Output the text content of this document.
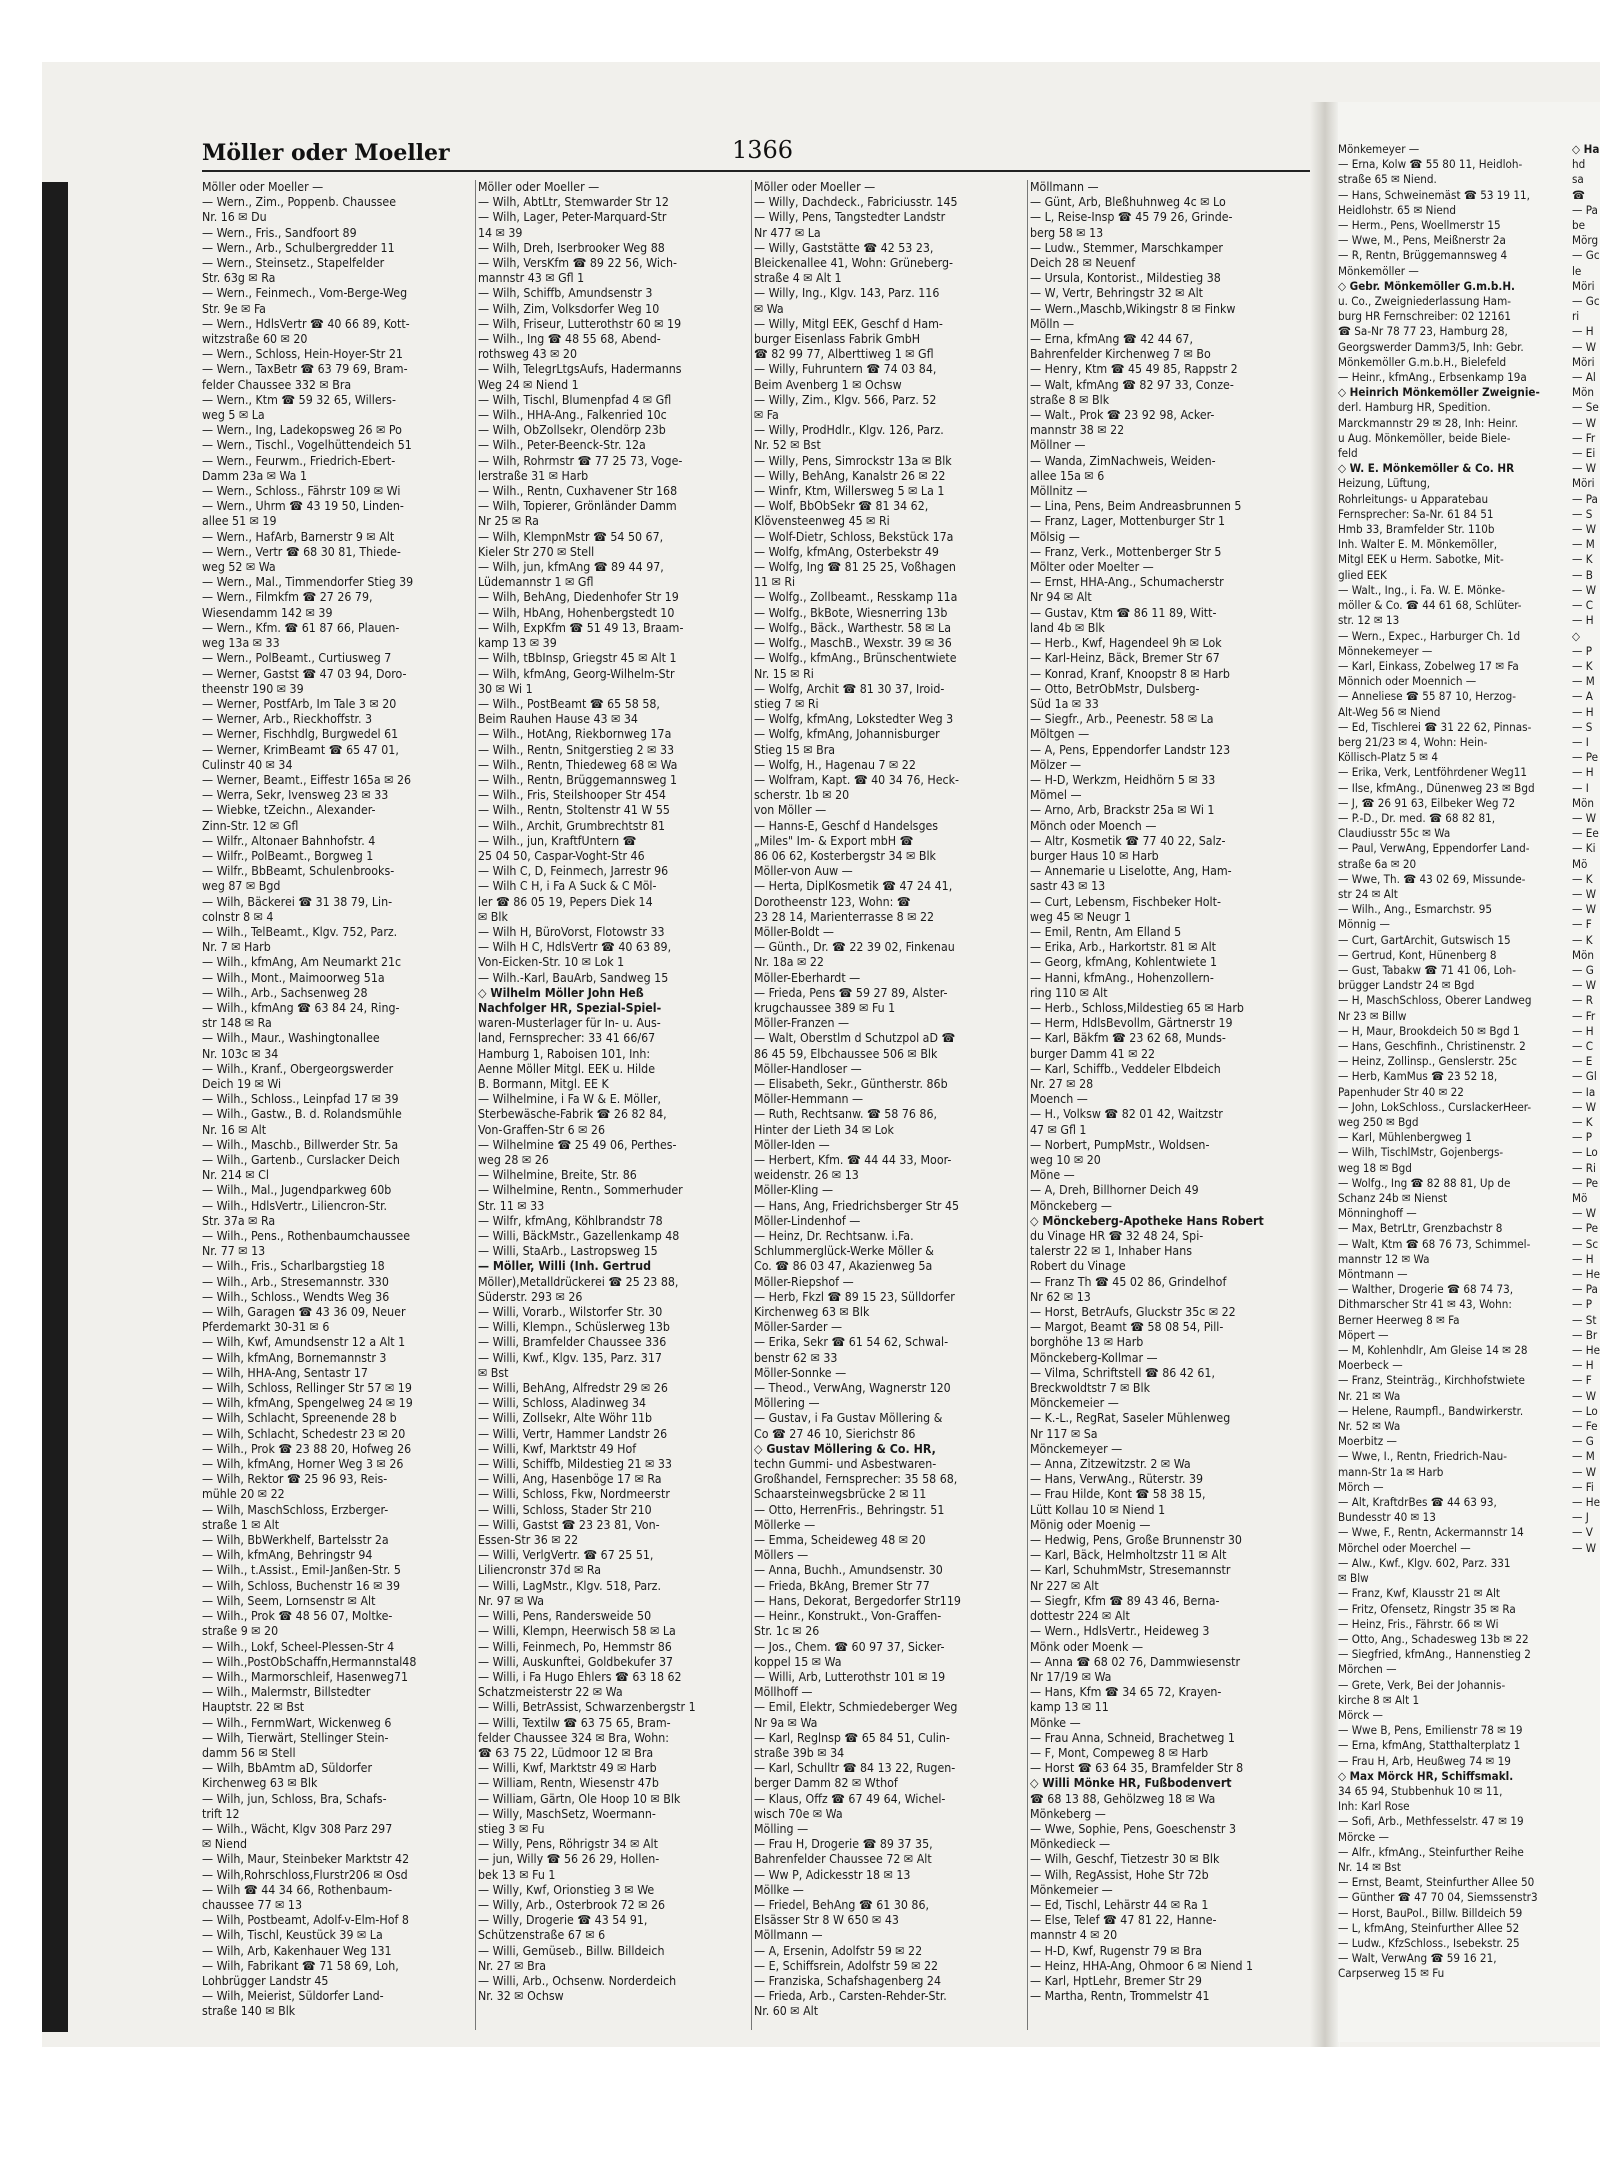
Möller oder Moeller	1366

Möller oder Moeller —

— Wern., Zim., Poppenb. Chaussee

Nr. 16 ✉ Du

— Wern., Fris., Sandfoort 89

— Wern., Arb., Schulbergredder 11

— Wern., Steinsetz., Stapelfelder

Str. 63g ✉ Ra

— Wern., Feinmech., Vom-Berge-Weg

Str. 9e ✉ Fa

— Wern., HdlsVertr ☎ 40 66 89, Kott-

witzstraße 60 ✉ 20

— Wern., Schloss, Hein-Hoyer-Str 21

— Wern., TaxBetr ☎ 63 79 69, Bram-

felder Chaussee 332 ✉ Bra

— Wern., Ktm ☎ 59 32 65, Willers-

weg 5 ✉ La

— Wern., Ing, Ladekopsweg 26 ✉ Po

— Wern., Tischl., Vogelhüttendeich 51

— Wern., Feurwm., Friedrich-Ebert-

Damm 23a ✉ Wa 1

— Wern., Schloss., Fährstr 109 ✉ Wi

— Wern., Uhrm ☎ 43 19 50, Linden-

allee 51 ✉ 19

— Wern., HafArb, Barnerstr 9 ✉ Alt

— Wern., Vertr ☎ 68 30 81, Thiede-

weg 52 ✉ Wa

— Wern., Mal., Timmendorfer Stieg 39

— Wern., Filmkfm ☎ 27 26 79,

Wiesendamm 142 ✉ 39

— Wern., Kfm. ☎ 61 87 66, Plauen-

weg 13a ✉ 33

— Wern., PolBeamt., Curtiusweg 7

— Werner, Gastst ☎ 47 03 94, Doro-

theenstr 190 ✉ 39

— Werner, PostfArb, Im Tale 3 ✉ 20

— Werner, Arb., Rieckhoffstr. 3

— Werner, Fischhdlg, Burgwedel 61

— Werner, KrimBeamt ☎ 65 47 01,

Culinstr 40 ✉ 34

— Werner, Beamt., Eiffestr 165a ✉ 26

— Werra, Sekr, Ivensweg 23 ✉ 33

— Wiebke, tZeichn., Alexander-

Zinn-Str. 12 ✉ Gfl

— Wilfr., Altonaer Bahnhofstr. 4

— Wilfr., PolBeamt., Borgweg 1

— Wilfr., BbBeamt, Schulenbrooks-

weg 87 ✉ Bgd

— Wilh, Bäckerei ☎ 31 38 79, Lin-

colnstr 8 ✉ 4

— Wilh., TelBeamt., Klgv. 752, Parz.

Nr. 7 ✉ Harb

— Wilh., kfmAng, Am Neumarkt 21c

— Wilh., Mont., Maimoorweg 51a

— Wilh., Arb., Sachsenweg 28

— Wilh., kfmAng ☎ 63 84 24, Ring-

str 148 ✉ Ra

— Wilh., Maur., Washingtonallee

Nr. 103c ✉ 34

— Wilh., Kranf., Obergeorgswerder

Deich 19 ✉ Wi

— Wilh., Schloss., Leinpfad 17 ✉ 39

— Wilh., Gastw., B. d. Rolandsmühle

Nr. 16 ✉ Alt

— Wilh., Maschb., Billwerder Str. 5a

— Wilh., Gartenb., Curslacker Deich

Nr. 214 ✉ Cl

— Wilh., Mal., Jugendparkweg 60b

— Wilh., HdlsVertr., Liliencron-Str.

Str. 37a ✉ Ra

— Wilh., Pens., Rothenbaumchaussee

Nr. 77 ✉ 13

— Wilh., Fris., Scharlbargstieg 18

— Wilh., Arb., Stresemannstr. 330

— Wilh., Schloss., Wendts Weg 36

— Wilh, Garagen ☎ 43 36 09, Neuer

Pferdemarkt 30-31 ✉ 6

— Wilh, Kwf, Amundsenstr 12 a Alt 1

— Wilh, kfmAng, Bornemannstr 3

— Wilh, HHA-Ang, Sentastr 17

— Wilh, Schloss, Rellinger Str 57 ✉ 19

— Wilh, kfmAng, Spengelweg 24 ✉ 19

— Wilh, Schlacht, Spreenende 28 b

— Wilh, Schlacht, Schedestr 23 ✉ 20

— Wilh., Prok ☎ 23 88 20, Hofweg 26

— Wilh, kfmAng, Horner Weg 3 ✉ 26

— Wilh, Rektor ☎ 25 96 93, Reis-

mühle 20 ✉ 22

— Wilh, MaschSchloss, Erzberger-

straße 1 ✉ Alt

— Wilh, BbWerkhelf, Bartelsstr 2a

— Wilh, kfmAng, Behringstr 94

— Wilh., t.Assist., Emil-Janßen-Str. 5

— Wilh, Schloss, Buchenstr 16 ✉ 39

— Wilh, Seem, Lornsenstr ✉ Alt

— Wilh., Prok ☎ 48 56 07, Moltke-

straße 9 ✉ 20

— Wilh., Lokf, Scheel-Plessen-Str 4

— Wilh.,PostObSchaffn,Hermannstal48

— Wilh., Marmorschleif, Hasenweg71

— Wilh., Malermstr, Billstedter

Hauptstr. 22 ✉ Bst

— Wilh., FernmWart, Wickenweg 6

— Wilh, Tierwärt, Stellinger Stein-

damm 56 ✉ Stell

— Wilh, BbAmtm aD, Süldorfer

Kirchenweg 63 ✉ Blk

— Wilh, jun, Schloss, Bra, Schafs-

trift 12

— Wilh., Wächt, Klgv 308 Parz 297

✉ Niend

— Wilh, Maur, Steinbeker Marktstr 42

— Wilh,Rohrschloss,Flurstr206 ✉ Osd

— Wilh ☎ 44 34 66, Rothenbaum-

chaussee 77 ✉ 13

— Wilh, Postbeamt, Adolf-v-Elm-Hof 8

— Wilh, Tischl, Keustück 39 ✉ La

— Wilh, Arb, Kakenhauer Weg 131

— Wilh, Fabrikant ☎ 71 58 69, Loh,

Lohbrügger Landstr 45

— Wilh, Meierist, Süldorfer Land-

straße 140 ✉ Blk

Möller oder Moeller —

— Wilh, AbtLtr, Stemwarder Str 12

— Wilh, Lager, Peter-Marquard-Str

14 ✉ 39

— Wilh, Dreh, Iserbrooker Weg 88

— Wilh, VersKfm ☎ 89 22 56, Wich-

mannstr 43 ✉ Gfl 1

— Wilh, Schiffb, Amundsenstr 3

— Wilh, Zim, Volksdorfer Weg 10

— Wilh, Friseur, Lutterothstr 60 ✉ 19

— Wilh., Ing ☎ 48 55 68, Abend-

rothsweg 43 ✉ 20

— Wilh, TelegrLtgsAufs, Hadermanns

Weg 24 ✉ Niend 1

— Wilh, Tischl, Blumenpfad 4 ✉ Gfl

— Wilh., HHA-Ang., Falkenried 10c

— Wilh, ObZollsekr, Olendörp 23b

— Wilh., Peter-Beenck-Str. 12a

— Wilh, Rohrmstr ☎ 77 25 73, Voge-

lerstraße 31 ✉ Harb

— Wilh., Rentn, Cuxhavener Str 168

— Wilh, Topierer, Grönländer Damm

Nr 25 ✉ Ra

— Wilh, KlempnMstr ☎ 54 50 67,

Kieler Str 270 ✉ Stell

— Wilh, jun, kfmAng ☎ 89 44 97,

Lüdemannstr 1 ✉ Gfl

— Wilh, BehAng, Diedenhofer Str 19

— Wilh, HbAng, Hohenbergstedt 10

— Wilh, ExpKfm ☎ 51 49 13, Braam-

kamp 13 ✉ 39

— Wilh, tBbInsp, Griegstr 45 ✉ Alt 1

— Wilh, kfmAng, Georg-Wilhelm-Str

30 ✉ Wi 1

— Wilh., PostBeamt ☎ 65 58 58,

Beim Rauhen Hause 43 ✉ 34

— Wilh., HotAng, Riekbornweg 17a

— Wilh., Rentn, Snitgerstieg 2 ✉ 33

— Wilh., Rentn, Thiedeweg 68 ✉ Wa

— Wilh., Rentn, Brüggemannsweg 1

— Wilh., Fris, Steilshooper Str 454

— Wilh., Rentn, Stoltenstr 41 W 55

— Wilh., Archit, Grumbrechtstr 81

— Wilh., jun, KraftfUntern ☎

25 04 50, Caspar-Voght-Str 46

— Wilh C, D, Feinmech, Jarrestr 96

— Wilh C H, i Fa A Suck & C Möl-

ler ☎ 86 05 19, Pepers Diek 14

✉ Blk

— Wilh H, BüroVorst, Flotowstr 33

— Wilh H C, HdlsVertr ☎ 40 63 89,

Von-Eicken-Str. 10 ✉ Lok 1

— Wilh.-Karl, BauArb, Sandweg 15

◇ Wilhelm Möller John Heß

Nachfolger HR, Spezial-Spiel-

waren-Musterlager für In- u. Aus-

land, Fernsprecher: 33 41 66/67

Hamburg 1, Raboisen 101, Inh:

Aenne Möller Mitgl. EEK u. Hilde

B. Bormann, Mitgl. EE K

— Wilhelmine, i Fa W & E. Möller,

Sterbewäsche-Fabrik ☎ 26 82 84,

Von-Graffen-Str 6 ✉ 26

— Wilhelmine ☎ 25 49 06, Perthes-

weg 28 ✉ 26

— Wilhelmine, Breite, Str. 86

— Wilhelmine, Rentn., Sommerhuder

Str. 11 ✉ 33

— Wilfr, kfmAng, Köhlbrandstr 78

— Willi, BäckMstr., Gazellenkamp 48

— Willi, StaArb., Lastropsweg 15

— Möller, Willi (Inh. Gertrud

Möller),Metalldrückerei ☎ 25 23 88,

Süderstr. 293 ✉ 26

— Willi, Vorarb., Wilstorfer Str. 30

— Willi, Klempn., Schüslerweg 13b

— Willi, Bramfelder Chaussee 336

— Willi, Kwf., Klgv. 135, Parz. 317

✉ Bst

— Willi, BehAng, Alfredstr 29 ✉ 26

— Willi, Schloss, Aladinweg 34

— Willi, Zollsekr, Alte Wöhr 11b

— Willi, Vertr, Hammer Landstr 26

— Willi, Kwf, Marktstr 49 Hof

— Willi, Schiffb, Mildestieg 21 ✉ 33

— Willi, Ang, Hasenböge 17 ✉ Ra

— Willi, Schloss, Fkw, Nordmeerstr

— Willi, Schloss, Stader Str 210

— Willi, Gastst ☎ 23 23 81, Von-

Essen-Str 36 ✉ 22

— Willi, VerlgVertr. ☎ 67 25 51,

Liliencronstr 37d ✉ Ra

— Willi, LagMstr., Klgv. 518, Parz.

Nr. 97 ✉ Wa

— Willi, Pens, Randersweide 50

— Willi, Klempn, Heerwisch 58 ✉ La

— Willi, Feinmech, Po, Hemmstr 86

— Willi, Auskunftei, Goldbekufer 37

— Willi, i Fa Hugo Ehlers ☎ 63 18 62

Schatzmeisterstr 22 ✉ Wa

— Willi, BetrAssist, Schwarzenbergstr 1

— Willi, Textilw ☎ 63 75 65, Bram-

felder Chaussee 324 ✉ Bra, Wohn:

☎ 63 75 22, Lüdmoor 12 ✉ Bra

— Willi, Kwf, Marktstr 49 ✉ Harb

— William, Rentn, Wiesenstr 47b

— William, Gärtn, Ole Hoop 10 ✉ Blk

— Willy, MaschSetz, Woermann-

stieg 3 ✉ Fu

— Willy, Pens, Röhrigstr 34 ✉ Alt

— jun, Willy ☎ 56 26 29, Hollen-

bek 13 ✉ Fu 1

— Willy, Kwf, Orionstieg 3 ✉ We

— Willy, Arb., Osterbrook 72 ✉ 26

— Willy, Drogerie ☎ 43 54 91,

Schützenstraße 67 ✉ 6

— Willi, Gemüseb., Billw. Billdeich

Nr. 27 ✉ Bra

— Willi, Arb., Ochsenw. Norderdeich

Nr. 32 ✉ Ochsw

Möller oder Moeller —

— Willy, Dachdeck., Fabriciusstr. 145

— Willy, Pens, Tangstedter Landstr

Nr 477 ✉ La

— Willy, Gaststätte ☎ 42 53 23,

Bleickenallee 41, Wohn: Grüneberg-

straße 4 ✉ Alt 1

— Willy, Ing., Klgv. 143, Parz. 116

✉ Wa

— Willy, Mitgl EEK, Geschf d Ham-

burger Eisenlass Fabrik GmbH

☎ 82 99 77, Alberttiweg 1 ✉ Gfl

— Willy, Fuhruntern ☎ 74 03 84,

Beim Avenberg 1 ✉ Ochsw

— Willy, Zim., Klgv. 566, Parz. 52

✉ Fa

— Willy, ProdHdlr., Klgv. 126, Parz.

Nr. 52 ✉ Bst

— Willy, Pens, Simrockstr 13a ✉ Blk

— Willy, BehAng, Kanalstr 26 ✉ 22

— Winfr, Ktm, Willersweg 5 ✉ La 1

— Wolf, BbObSekr ☎ 81 34 62,

Klövensteenweg 45 ✉ Ri

— Wolf-Dietr, Schloss, Bekstück 17a

— Wolfg, kfmAng, Osterbekstr 49

— Wolfg, Ing ☎ 81 25 25, Voßhagen

11 ✉ Ri

— Wolfg., Zollbeamt., Resskamp 11a

— Wolfg., BkBote, Wiesnerring 13b

— Wolfg., Bäck., Warthestr. 58 ✉ La

— Wolfg., MaschB., Wexstr. 39 ✉ 36

— Wolfg., kfmAng., Brünschentwiete

Nr. 15 ✉ Ri

— Wolfg, Archit ☎ 81 30 37, Iroid-

stieg 7 ✉ Ri

— Wolfg, kfmAng, Lokstedter Weg 3

— Wolfg, kfmAng, Johannisburger

Stieg 15 ✉ Bra

— Wolfg, H., Hagenau 7 ✉ 22

— Wolfram, Kapt. ☎ 40 34 76, Heck-

scherstr. 1b ✉ 20

von Möller —

— Hanns-E, Geschf d Handelsges

„Miles" Im- & Export mbH ☎

86 06 62, Kosterbergstr 34 ✉ Blk

Möller-von Auw —

— Herta, DiplKosmetik ☎ 47 24 41,

Dorotheenstr 123, Wohn: ☎

23 28 14, Marienterrasse 8 ✉ 22

Möller-Boldt —

— Günth., Dr. ☎ 22 39 02, Finkenau

Nr. 18a ✉ 22

Möller-Eberhardt —

— Frieda, Pens ☎ 59 27 89, Alster-

krugchaussee 389 ✉ Fu 1

Möller-Franzen —

— Walt, Oberstlm d Schutzpol aD ☎

86 45 59, Elbchaussee 506 ✉ Blk

Möller-Handloser —

— Elisabeth, Sekr., Güntherstr. 86b

Möller-Hemmann —

— Ruth, Rechtsanw. ☎ 58 76 86,

Hinter der Lieth 34 ✉ Lok

Möller-Iden —

— Herbert, Kfm. ☎ 44 44 33, Moor-

weidenstr. 26 ✉ 13

Möller-Kling —

— Hans, Ang, Friedrichsberger Str 45

Möller-Lindenhof —

— Heinz, Dr. Rechtsanw. i.Fa.

Schlummerglück-Werke Möller &

Co. ☎ 86 03 47, Akazienweg 5a

Möller-Riepshof —

— Herb, Fkzl ☎ 89 15 23, Sülldorfer

Kirchenweg 63 ✉ Blk

Möller-Sarder —

— Erika, Sekr ☎ 61 54 62, Schwal-

benstr 62 ✉ 33

Möller-Sonnke —

— Theod., VerwAng, Wagnerstr 120

Möllering —

— Gustav, i Fa Gustav Möllering &

Co ☎ 27 46 10, Sierichstr 86

◇ Gustav Möllering & Co. HR,

techn Gummi- und Asbestwaren-

Großhandel, Fernsprecher: 35 58 68,

Schaarsteinwegsbrücke 2 ✉ 11

— Otto, HerrenFris., Behringstr. 51

Möllerke —

— Emma, Scheideweg 48 ✉ 20

Möllers —

— Anna, Buchh., Amundsenstr. 30

— Frieda, BkAng, Bremer Str 77

— Hans, Dekorat, Bergedorfer Str119

— Heinr., Konstrukt., Von-Graffen-

Str. 1c ✉ 26

— Jos., Chem. ☎ 60 97 37, Sicker-

koppel 15 ✉ Wa

— Willi, Arb, Lutterothstr 101 ✉ 19

Möllhoff —

— Emil, Elektr, Schmiedeberger Weg

Nr 9a ✉ Wa

— Karl, Reglnsp ☎ 65 84 51, Culin-

straße 39b ✉ 34

— Karl, Schulltr ☎ 84 13 22, Rugen-

berger Damm 82 ✉ Wthof

— Klaus, Offz ☎ 67 49 64, Wichel-

wisch 70e ✉ Wa

Mölling —

— Frau H, Drogerie ☎ 89 37 35,

Bahrenfelder Chaussee 72 ✉ Alt

— Ww P, Adickesstr 18 ✉ 13

Möllke —

— Friedel, BehAng ☎ 61 30 86,

Elsässer Str 8 W 650 ✉ 43

Möllmann —

— A, Ersenin, Adolfstr 59 ✉ 22

— E, Schiffsrein, Adolfstr 59 ✉ 22

— Franziska, Schafshagenberg 24

— Frieda, Arb., Carsten-Rehder-Str.

Nr. 60 ✉ Alt

Möllmann —

— Günt, Arb, Bleßhuhnweg 4c ✉ Lo

— L, Reise-Insp ☎ 45 79 26, Grinde-

berg 58 ✉ 13

— Ludw., Stemmer, Marschkamper

Deich 28 ✉ Neuenf

— Ursula, Kontorist., Mildestieg 38

— W, Vertr, Behringstr 32 ✉ Alt

— Wern.,Maschb,Wikingstr 8 ✉ Finkw

Mölln —

— Erna, kfmAng ☎ 42 44 67,

Bahrenfelder Kirchenweg 7 ✉ Bo

— Henry, Ktm ☎ 45 49 85, Rappstr 2

— Walt, kfmAng ☎ 82 97 33, Conze-

straße 8 ✉ Blk

— Walt., Prok ☎ 23 92 98, Acker-

mannstr 38 ✉ 22

Möllner —

— Wanda, ZimNachweis, Weiden-

allee 15a ✉ 6

Möllnitz —

— Lina, Pens, Beim Andreasbrunnen 5

— Franz, Lager, Mottenburger Str 1

Mölsig —

— Franz, Verk., Mottenberger Str 5

Mölter oder Moelter —

— Ernst, HHA-Ang., Schumacherstr

Nr 94 ✉ Alt

— Gustav, Ktm ☎ 86 11 89, Witt-

land 4b ✉ Blk

— Herb., Kwf, Hagendeel 9h ✉ Lok

— Karl-Heinz, Bäck, Bremer Str 67

— Konrad, Kranf, Knoopstr 8 ✉ Harb

— Otto, BetrObMstr, Dulsberg-

Süd 1a ✉ 33

— Siegfr., Arb., Peenestr. 58 ✉ La

Möltgen —

— A, Pens, Eppendorfer Landstr 123

Mölzer —

— H-D, Werkzm, Heidhörn 5 ✉ 33

Mömel —

— Arno, Arb, Brackstr 25a ✉ Wi 1

Mönch oder Moench —

— Altr, Kosmetik ☎ 77 40 22, Salz-

burger Haus 10 ✉ Harb

— Annemarie u Liselotte, Ang, Ham-

sastr 43 ✉ 13

— Curt, Lebensm, Fischbeker Holt-

weg 45 ✉ Neugr 1

— Emil, Rentn, Am Elland 5

— Erika, Arb., Harkortstr. 81 ✉ Alt

— Georg, kfmAng, Kohlentwiete 1

— Hanni, kfmAng., Hohenzollern-

ring 110 ✉ Alt

— Herb., Schloss,Mildestieg 65 ✉ Harb

— Herm, HdlsBevollm, Gärtnerstr 19

— Karl, Bäkfm ☎ 23 62 68, Munds-

burger Damm 41 ✉ 22

— Karl, Schiffb., Veddeler Elbdeich

Nr. 27 ✉ 28

Moench —

— H., Volksw ☎ 82 01 42, Waitzstr

47 ✉ Gfl 1

— Norbert, PumpMstr., Woldsen-

weg 10 ✉ 20

Möne —

— A, Dreh, Billhorner Deich 49

Mönckeberg —

◇ Mönckeberg-Apotheke Hans Robert

du Vinage HR ☎ 32 48 24, Spi-

talerstr 22 ✉ 1, Inhaber Hans

Robert du Vinage

— Franz Th ☎ 45 02 86, Grindelhof

Nr 62 ✉ 13

— Horst, BetrAufs, Gluckstr 35c ✉ 22

— Margot, Beamt ☎ 58 08 54, Pill-

borghöhe 13 ✉ Harb

Mönckeberg-Kollmar —

— Vilma, Schriftstell ☎ 86 42 61,

Breckwoldtstr 7 ✉ Blk

Mönckemeier —

— K.-L., RegRat, Saseler Mühlenweg

Nr 117 ✉ Sa

Mönckemeyer —

— Anna, Zitzewitzstr. 2 ✉ Wa

— Hans, VerwAng., Rüterstr. 39

— Frau Hilde, Kont ☎ 58 38 15,

Lütt Kollau 10 ✉ Niend 1

Mönig oder Moenig —

— Hedwig, Pens, Große Brunnenstr 30

— Karl, Bäck, Helmholtzstr 11 ✉ Alt

— Karl, SchuhmMstr, Stresemannstr

Nr 227 ✉ Alt

— Siegfr, Kfm ☎ 89 43 46, Berna-

dottestr 224 ✉ Alt

— Wern., HdlsVertr., Heideweg 3

Mönk oder Moenk —

— Anna ☎ 68 02 76, Dammwiesenstr

Nr 17/19 ✉ Wa

— Hans, Kfm ☎ 34 65 72, Krayen-

kamp 13 ✉ 11

Mönke —

— Frau Anna, Schneid, Brachetweg 1

— F, Mont, Compeweg 8 ✉ Harb

— Horst ☎ 63 64 35, Bramfelder Str 8

◇ Willi Mönke HR, Fußbodenvert

☎ 68 13 88, Gehölzweg 18 ✉ Wa

Mönkeberg —

— Wwe, Sophie, Pens, Goeschenstr 3

Mönkedieck —

— Wilh, Geschf, Tietzestr 30 ✉ Blk

— Wilh, RegAssist, Hohe Str 72b

Mönkemeier —

— Ed, Tischl, Lehärstr 44 ✉ Ra 1

— Else, Telef ☎ 47 81 22, Hanne-

mannstr 4 ✉ 20

— H-D, Kwf, Rugenstr 79 ✉ Bra

— Heinz, HHA-Ang, Ohmoor 6 ✉ Niend 1

— Karl, HptLehr, Bremer Str 29

— Martha, Rentn, Trommelstr 41

Mönkemeyer —

— Erna, Kolw ☎ 55 80 11, Heidloh-

straße 65 ✉ Niend.

— Hans, Schweinemäst ☎ 53 19 11,

Heidlohstr. 65 ✉ Niend

— Herm., Pens, Woellmerstr 15

— Wwe, M., Pens, Meißnerstr 2a

— R, Rentn, Brüggemannsweg 4

Mönkemöller —

◇ Gebr. Mönkemöller G.m.b.H.

u. Co., Zweigniederlassung Ham-

burg HR Fernschreiber: 02 12161

☎ Sa-Nr 78 77 23, Hamburg 28,

Georgswerder Damm3/5, Inh: Gebr.

Mönkemöller G.m.b.H., Bielefeld

— Heinr., kfmAng., Erbsenkamp 19a

◇ Heinrich Mönkemöller Zweignie-

derl. Hamburg HR, Spedition.

Marckmannstr 29 ✉ 28, Inh: Heinr.

u Aug. Mönkemöller, beide Biele-

feld

◇ W. E. Mönkemöller & Co. HR

Heizung, Lüftung,

Rohrleitungs- u Apparatebau

Fernsprecher: Sa-Nr. 61 84 51

Hmb 33, Bramfelder Str. 110b

Inh. Walter E. M. Mönkemöller,

Mitgl EEK u Herm. Sabotke, Mit-

glied EEK

— Walt., Ing., i. Fa. W. E. Mönke-

möller & Co. ☎ 44 61 68, Schlüter-

str. 12 ✉ 13

— Wern., Expec., Harburger Ch. 1d

Mönnekemeyer —

— Karl, Einkass, Zobelweg 17 ✉ Fa

Mönnich oder Moennich —

— Anneliese ☎ 55 87 10, Herzog-

Alt-Weg 56 ✉ Niend

— Ed, Tischlerei ☎ 31 22 62, Pinnas-

berg 21/23 ✉ 4, Wohn: Hein-

Köllisch-Platz 5 ✉ 4

— Erika, Verk, Lentföhrdener Weg11

— Ilse, kfmAng., Dünenweg 23 ✉ Bgd

— J, ☎ 26 91 63, Eilbeker Weg 72

— P.-D., Dr. med. ☎ 68 82 81,

Claudiusstr 55c ✉ Wa

— Paul, VerwAng, Eppendorfer Land-

straße 6a ✉ 20

— Wwe, Th. ☎ 43 02 69, Missunde-

str 24 ✉ Alt

— Wilh., Ang., Esmarchstr. 95

Mönnig —

— Curt, GartArchit, Gutswisch 15

— Gertrud, Kont, Hünenberg 8

— Gust, Tabakw ☎ 71 41 06, Loh-

brügger Landstr 24 ✉ Bgd

— H, MaschSchloss, Oberer Landweg

Nr 23 ✉ Billw

— H, Maur, Brookdeich 50 ✉ Bgd 1

— Hans, Geschfinh., Christinenstr. 2

— Heinz, Zollinsp., Genslerstr. 25c

— Herb, KamMus ☎ 23 52 18,

Papenhuder Str 40 ✉ 22

— John, LokSchloss., CurslackerHeer-

weg 250 ✉ Bgd

— Karl, Mühlenbergweg 1

— Wilh, TischlMstr, Gojenbergs-

weg 18 ✉ Bgd

— Wolfg., Ing ☎ 82 88 81, Up de

Schanz 24b ✉ Nienst

Mönninghoff —

— Max, BetrLtr, Grenzbachstr 8

— Walt, Ktm ☎ 68 76 73, Schimmel-

mannstr 12 ✉ Wa

Möntmann —

— Walther, Drogerie ☎ 68 74 73,

Dithmarscher Str 41 ✉ 43, Wohn:

Berner Heerweg 8 ✉ Fa

Möpert —

— M, Kohlenhdlr, Am Gleise 14 ✉ 28

Moerbeck —

— Franz, Steinträg., Kirchhofstwiete

Nr. 21 ✉ Wa

— Helene, Raumpfl., Bandwirkerstr.

Nr. 52 ✉ Wa

Moerbitz —

— Wwe, I., Rentn, Friedrich-Nau-

mann-Str 1a ✉ Harb

Mörch —

— Alt, KraftdrBes ☎ 44 63 93,

Bundesstr 40 ✉ 13

— Wwe, F., Rentn, Ackermannstr 14

Mörchel oder Moerchel —

— Alw., Kwf., Klgv. 602, Parz. 331

✉ Blw

— Franz, Kwf, Klausstr 21 ✉ Alt

— Fritz, Ofensetz, Ringstr 35 ✉ Ra

— Heinz, Fris., Fährstr. 66 ✉ Wi

— Otto, Ang., Schadesweg 13b ✉ 22

— Siegfried, kfmAng., Hannenstieg 2

Mörchen —

— Grete, Verk, Bei der Johannis-

kirche 8 ✉ Alt 1

Mörck —

— Wwe B, Pens, Emilienstr 78 ✉ 19

— Erna, kfmAng, Statthalterplatz 1

— Frau H, Arb, Heußweg 74 ✉ 19

◇ Max Mörck HR, Schiffsmakl.

34 65 94, Stubbenhuk 10 ✉ 11,

Inh: Karl Rose

— Sofi, Arb., Methfesselstr. 47 ✉ 19

Mörcke —

— Alfr., kfmAng., Steinfurther Reihe

Nr. 14 ✉ Bst

— Ernst, Beamt, Steinfurther Allee 50

— Günther ☎ 47 70 04, Siemssenstr3

— Horst, BauPol., Billw. Billdeich 59

— L, kfmAng, Steinfurther Allee 52

— Ludw., KfzSchloss., Isebekstr. 25

— Walt, VerwAng ☎ 59 16 21,

Carpserweg 15 ✉ Fu

◇ Ha

hd

sa

☎

— Pa

be

Mörg

— Gc

le

Möri

— Gc

ri

— H

— W

Möri

— Al

Mön

— Se

— W

— Fr

— Ei

— W

Möri

— Pa

— S

— W

— M

— K

— B

— W

— C

— H

◇

— P

— K

— M

— A

— H

— S

— I

— Pe

— H

— I

Mön

— W

— Ee

— Ki

Mö

— K

— W

— W

— F

— K

Mön

— G

— W

— R

— Fr

— H

— C

— E

— Gl

— Ia

— W

— K

— P

— Lo

— Ri

— Pe

Mö

— W

— Pe

— Sc

— H

— He

— Pa

— P

— St

— Br

— He

— H

— F

— W

— Lo

— Fe

— G

— M

— W

— Fi

— He

— J

— V

— W
